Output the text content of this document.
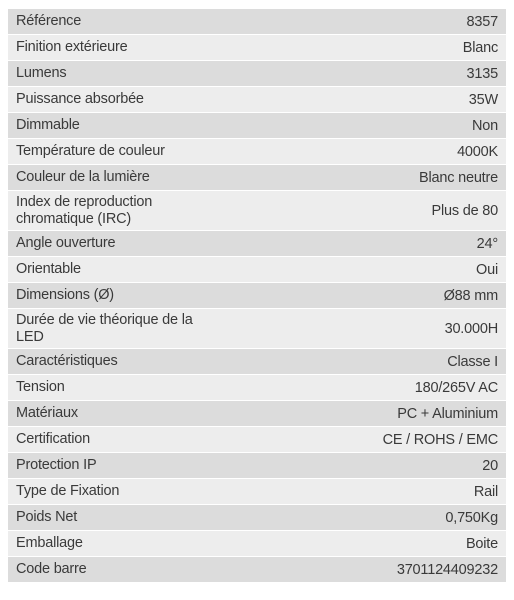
Référence	8357
Finition extérieure	Blanc
Lumens	3135
Puissance absorbée	35W
Dimmable	Non
Température de couleur	4000K
Couleur de la lumière	Blanc neutre
Index de reproduction
chromatique (IRC)	Plus de 80
Angle ouverture	24°
Orientable	Oui
Dimensions (Ø)	Ø88 mm
Durée de vie théorique de la
LED	30.000H
Caractéristiques	Classe I
Tension	180/265V AC
Matériaux	PC + Aluminium
Certification	CE / ROHS / EMC
Protection IP	20
Type de Fixation	Rail
Poids Net	0,750Kg
Emballage	Boite
Code barre	3701124409232
